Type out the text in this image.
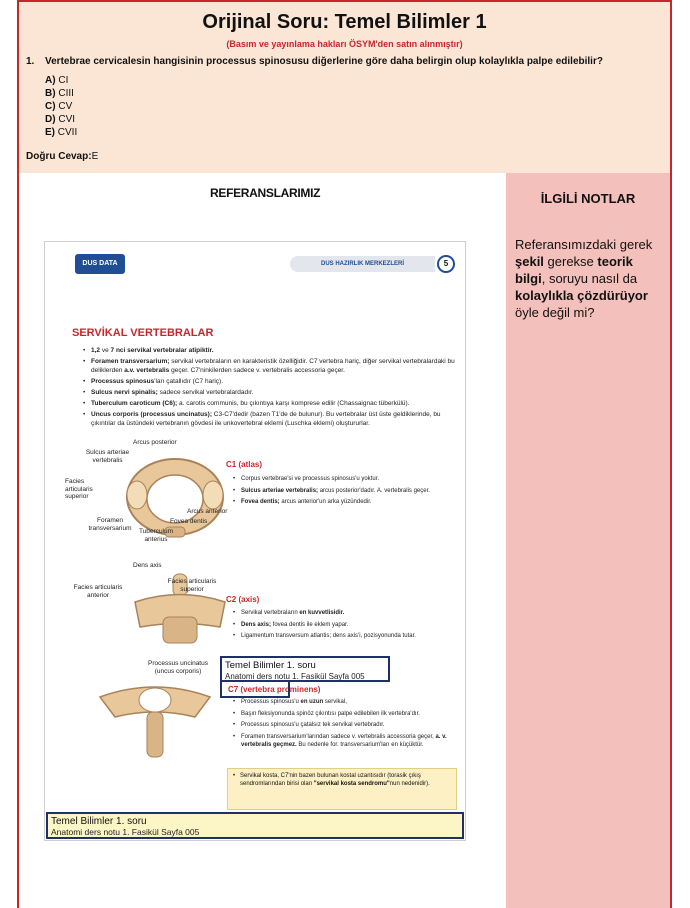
Orijinal Soru: Temel Bilimler 1
(Basım ve yayınlama hakları ÖSYM'den satın alınmıştır)
1. Vertebrae cervicalesin hangisinin processus spinosusu diğerlerine göre daha belirgin olup kolaylıkla palpe edilebilir?
A) CI
B) CIII
C) CV
D) CVI
E) CVII
Doğru Cevap:E
REFERANSLARIMIZ	İLGİLİ NOTLAR
Referansımızdaki gerek şekil gerekse teorik bilgi, soruyu nasıl da kolaylıkla çözdürüyor öyle değil mi?
DUS DATA	DUS HAZIRLIK MERKEZLERİ	5
SERVİKAL VERTEBRALAR
• 1,2 ve 7 nci servikal vertebralar atipiktir.
• Foramen transversarium; servikal vertebraların en karakteristik özelliğidir. C7 vertebra hariç, diğer servikal vertebralardaki bu deliklerden a.v. vertebralis geçer. C7'ninkilerden sadece v. vertebralis accessoria geçer.
• Processus spinosus'ları çatallıdır (C7 hariç).
• Sulcus nervi spinalis; sadece servikal vertebralardadır.
• Tuberculum caroticum (C6); a. carotis communis, bu çıkıntıya karşı komprese edilir (Chassaignac tüberkülü).
• Uncus corporis (processus uncinatus); C3-C7'dedir (bazen T1'de de bulunur). Bu vertebralar üst üste geldiklerinde, bu çıkıntılar da üstündeki vertebranın gövdesi ile unkovertebral eklemi (Luschka eklemi) oluştururlar.
Arcus posterior
Sulcus arteriae vertebralis
Facies articularis superior
Arcus anterior
Foramen transversarium
Fovea dentis
Tuberculum anterius
C1 (atlas)
• Corpus vertebrae'si ve processus spinosus'u yoktur.
• Sulcus arteriae vertebralis; arcus posterior'dadır. A. vertebralis geçer.
• Fovea dentis; arcus anterior'un arka yüzündedir.
Dens axis
Facies articularis anterior
Facies articularis superior
C2 (axis)
• Servikal vertebraların en kuvvetlisidir.
• Dens axis; fovea dentis ile eklem yapar.
• Ligamentum transversum atlantis; dens axis'i, pozisyonunda tutar.
Processus uncinatus (uncus corporis)
C7 (vertebra prominens)
• Processus spinosus'u en uzun servikal,
• Başın fleksiyonunda spinöz çıkıntısı palpe edilebilen ilk vertebra'dır.
• Processus spinosus'u çatalsız tek servikal vertebradır.
• Foramen transversarium'larından sadece v. vertebralis accessoria geçer, a. v. vertebralis geçmez. Bu nedenle for. transversarium'ları en küçüktür.
• Servikal kosta, C7'nin bazen bulunan kostal uzantısıdır (torasik çıkış sendromlarından birisi olan "servikal kosta sendromu"nun nedenidir).
Temel Bilimler 1. soru
Anatomi ders notu 1. Fasikül Sayfa 005
Temel Bilimler 1. soru
Anatomi ders notu 1. Fasikül Sayfa 005
